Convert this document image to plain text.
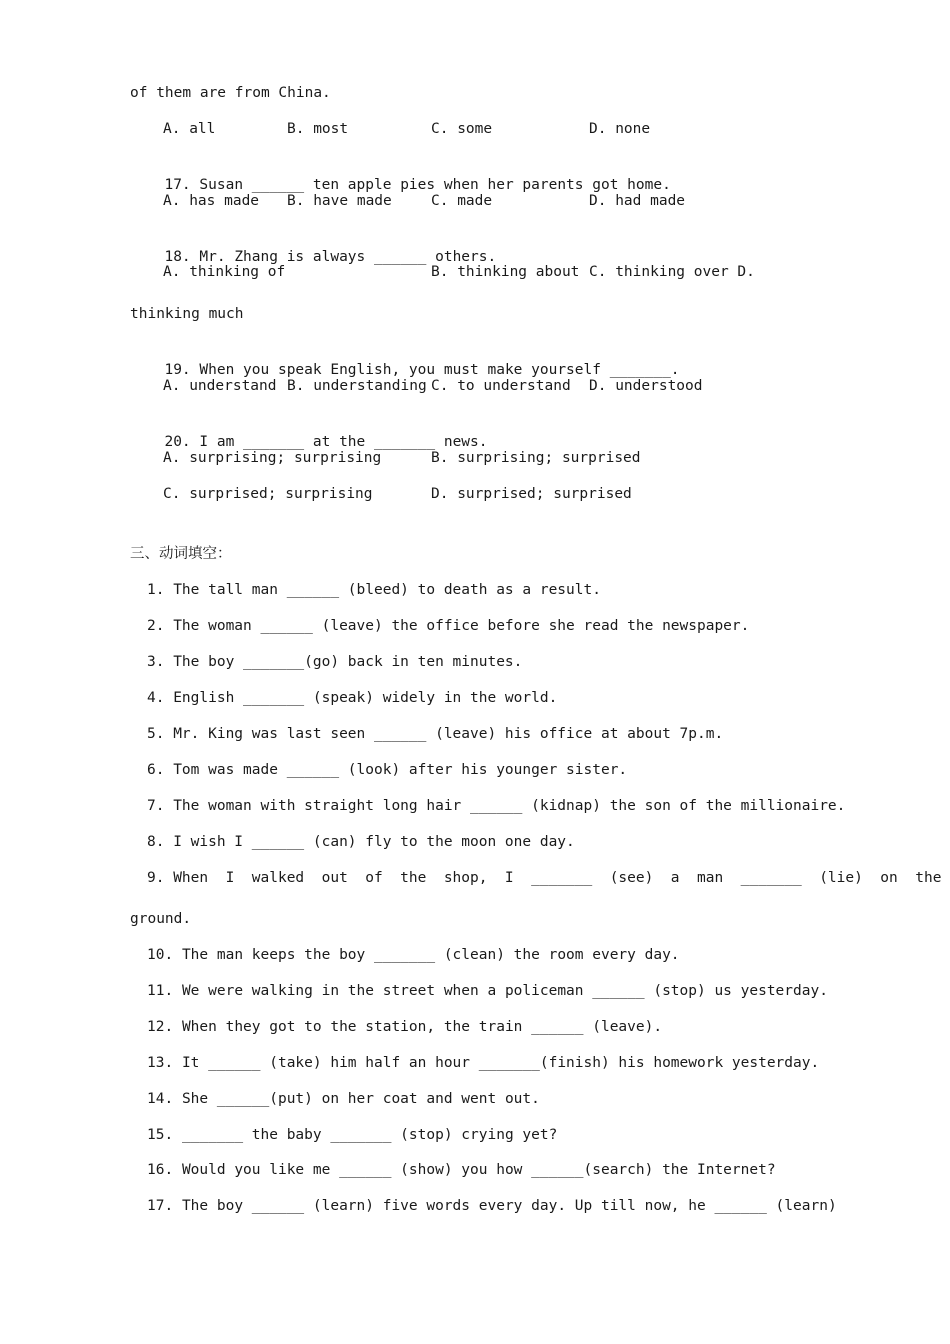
of them are from China.
A. all	B. most	C. some	D. none

17. Susan ______ ten apple pies when her parents got home.

A. has made B. have made	C. made	D. had made

18. Mr. Zhang is always ______ others.

A. thinking of	B. thinking about C. thinking over D.
thinking much

19. When you speak English, you must make yourself _______.

A. understand B. understanding C. to understand D. understood

20. I am _______ at the _______ news.

A. surprising; surprising	B. surprising; surprised
C. surprised; surprising	D. surprised; surprised
三、动词填空：
1. The tall man ______ (bleed) to death as a result.
2. The woman ______ (leave) the office before she read the newspaper.
3. The boy _______(go) back in ten minutes.
4. English _______ (speak) widely in the world.
5. Mr. King was last seen ______ (leave) his office at about 7p.m.
6. Tom was made ______ (look) after his younger sister.
7. The woman with straight long hair ______ (kidnap) the son of the millionaire.
8. I wish I ______ (can) fly to the moon one day.
9. When  I  walked  out  of  the  shop,  I  _______  (see)  a  man  _______  (lie)  on  the
ground.
10. The man keeps the boy _______ (clean) the room every day.
11. We were walking in the street when a policeman ______ (stop) us yesterday.
12. When they got to the station, the train ______ (leave).
13. It ______ (take) him half an hour _______(finish) his homework yesterday.
14. She ______(put) on her coat and went out.
15. _______ the baby _______ (stop) crying yet?
16. Would you like me ______ (show) you how ______(search) the Internet?
17. The boy ______ (learn) five words every day. Up till now, he ______ (learn)
